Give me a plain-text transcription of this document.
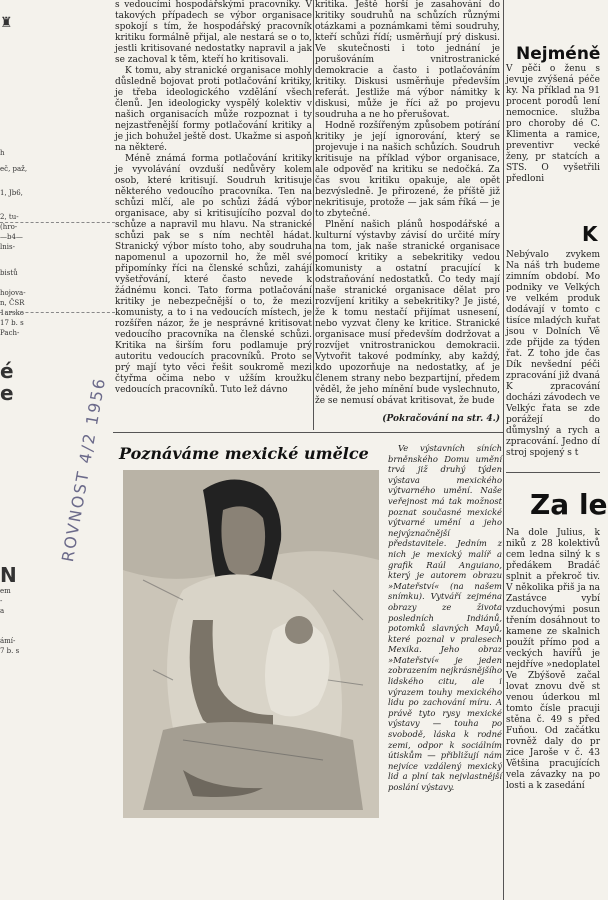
♜
h
eč, paž,
1, Jb6,
2, tu-
(hro-
—b4—
lnis-
bistů
hojova-
n, ČSR
1arsko
17 b. s
Pach-
é
e
N
em
-
a
ámí-
7 b. s
ROVNOST 4/2 1956

s vedoucími hospodářskými pracovníky. V takových případech se výbor organisace spokojí s tím, že hospodářský pracovník kritiku formálně přijal, ale nestará se o to, jestli kritisované nedostatky napravil a jak se zachoval k těm, kteří ho kritisovali.

K tomu, aby stranické organisace mohly důsledně bojovat proti potlačování kritiky, je třeba ideologického vzdělání všech členů. Jen ideologicky vyspělý kolektiv v našich organisacích může rozpoznat i ty nejzastřenější formy potlačování kritiky a je jich bohužel ještě dost. Ukažme si aspoň na některé.

Méně známá forma potlačování kritiky je vyvolávání ovzduší nedůvěry kolem osob, které kritisují. Soudruh kritisuje některého vedoucího pracovníka. Ten na schůzi mlčí, ale po schůzi žádá výbor organisace, aby si kritisujícího pozval do schůze a napravil mu hlavu. Na stranické schůzi pak se s ním nechtěl hádat. Stranický výbor místo toho, aby soudruha napomenul a upozornil ho, že měl své připomínky říci na členské schůzi, zahájí vyšetřování, které často nevede k žádnému konci. Tato forma potlačování kritiky je nebezpečnější o to, že mezi komunisty, a to i na vedoucích místech, je rozšířen názor, že je nesprávné kritisovat vedoucího pracovníka na členské schůzi. Kritika na širším foru podlamuje prý autoritu vedoucích pracovníků. Proto se prý mají tyto věci řešit soukromě mezi čtyřma očima nebo v užším kroužku vedoucích pracovníků. Tuto lež dávno

kritika. Ještě horší je zasahování do kritiky soudruhů na schůzích různými otázkami a poznámkami těmi soudruhy, kteří schůzi řídí; usměrňují prý diskusi. Ve skutečnosti i toto jednání je porušováním vnitrostranické demokracie a často i potlačováním kritiky. Diskusi usměrňuje především referát. Jestliže má výbor námitky k diskusi, může je říci až po projevu soudruha a ne ho přerušovat.

Hodně rozšířeným způsobem potírání kritiky je její ignorování, který se projevuje i na našich schůzích. Soudruh kritisuje na příklad výbor organisace, ale odpověď na kritiku se nedočká. Za čas svou kritiku opakuje, ale opět bezvýsledně. Je přirozené, že příště již nekritisuje, protože — jak sám říká — je to zbytečné.

Plnění našich plánů hospodářské a kulturní výstavby závisí do určité míry na tom, jak naše stranické organisace pomocí kritiky a sebekritiky vedou komunisty a ostatní pracující k odstraňování nedostatků. Co tedy mají naše stranické organisace dělat pro rozvíjení kritiky a sebekritiky? Je jisté, že k tomu nestačí přijímat usnesení, nebo vyzvat členy ke kritice. Stranické organisace musí především dodržovat a rozvíjet vnitrostranickou demokracii. Vytvořit takové podmínky, aby každý, kdo upozorňuje na nedostatky, ať je členem strany nebo bezpartijní, předem věděl, že jeho mínění bude vyslechnuto, že se nemusí obávat kritisovat, že bude

(Pokračování na str. 4.)
Poznáváme mexické umělce	Ve výstavních síních brněnského Domu umění trvá již druhý týden výstava mexického výtvarného umění. Naše veřejnost má tak možnost poznat současné mexické výtvarné umění a jeho nejvýznačnější představitele. Jedním z nich je mexický malíř a grafik Raúl Anguiano, který je autorem obrazu »Mateřství« (na našem snímku). Vytváří zejména obrazy ze života posledních Indiánů, potomků slavných Mayů, které poznal v pralesech Mexika. Jeho obraz »Mateřství« je jeden zobrazením nejkrásnějšího lidského citu, ale i výrazem touhy mexického lidu po zachování míru. A právě tyto rysy mexické výstavy — touha po svobodě, láska k rodné zemi, odpor k sociálním útiskům — přibližují nám nejvíce vzdálený mexický lid a plní tak nejvlastnější poslání výstavy.

V pěči o ženu s jevuje zvýšená péče ky. Na příklad na 91 procent porodů lení nemocnice. služba pro choroby dé C. Klimenta a ramice, preventivr vecké ženy, pr statcích a STS. O vyšetřili předloni
Nebývalo zvykem Na náš trh budeme zimním období. Mo podniky ve Velkých ve velkém produk dodávají v tomto c tisíce mladých kuřat jsou v Dolních Vě zde přijde za týden řat. Z toho jde čas Dík nevšední péči zpracování již dvaná K zpracování docházi závodech ve Velkýc řata se zde porážejí do důmyslný a rych a zpracování. Jedno dí stroj spojený s t
Na dole Julius, k niků z 28 kolektivů cem ledna silný k s předákem Bradáč splnit a překroč tiv. V několika přiš ja na Zastávce vybí vzduchovými posun třením dosáhnout to kamene ze skalnich použít přímo pod a veckých havířů je nejdříve »nedoplatel Ve Zbýšově začal lovat znovu dvě st venou úderkou ml tomto čísle pracuji stěna č. 49 s před Fuňou. Od začátku rovněž daly do pr zice Jaroše v č. 43 Většina pracujících vela závazky na po losti a k zasedání
Nejméně
K
Za le
